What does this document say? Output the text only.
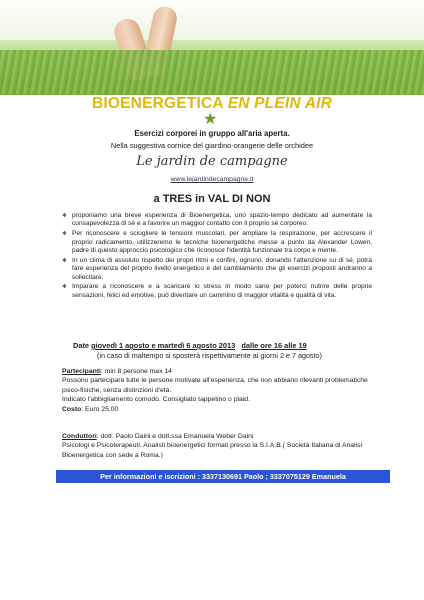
BIOENERGETICA EN PLEIN AIR
★
Esercizi corporei in gruppo all'aria aperta.
Nella suggestiva cornice del giardino-orangerie delle orchidee
Le jardin de campagne
www.lejardindecampagne.it
a TRES in VAL DI NON
❖ proponiamo una breve esperienza di Bioenergetica, uno spazio-tempo dedicato ad aumentare la consapevolezza di sé e a favorire un maggior contatto con il proprio sé corporeo.
❖ Per riconoscere e sciogliere le tensioni muscolari, per ampliare la respirazione, per accrescere il proprio radicamento, utilizzeremo le tecniche bioenergetiche messe a punto da Alexander Lowen, padre di questo approccio psicologico che riconosce l'identità funzionale tra corpo e mente.
❖ In un clima di assoluto rispetto dei propri ritmi e confini, ognuno, donando l'attenzione su di sé, potrà fare esperienza del proprio livello energetico e del cambiamento che gli esercizi proposti andranno a sollecitare.
❖ Imparare a riconoscere e a scaricare lo stress in modo sano per poterci nutrire delle proprie sensazioni, felici ed emotive, può diventare un cammino di maggior vitalità e qualità di vita.
Date giovedì 1 agosto e martedì 6 agosto 2013 dalle ore 16 alle 19
(in caso di maltempo si sposterà rispettivamente ai giorni 2 e 7 agosto)
Partecipanti: min 8 persone max 14
Possono partecipare tutte le persone motivate all'esperienza, che non abbiano rilevanti problematiche psico-fisiche, senza distinzioni d'età.
Indicato l'abbigliamento comodo. Consigliato tappetino o plaid.
Costo: Euro 25,00
Conduttori: dott. Paolo Daini e dott.ssa Emanuela Weber Daini
Psicologi e Psicoterapeuti. Analisti bioenergetici formati presso la S.I.A.B.( Società Italiana di Analisi Bioenergetica con sede a Roma.)
Per informazioni e iscrizioni : 3337130691 Paolo ; 3337075129 Emanuela
